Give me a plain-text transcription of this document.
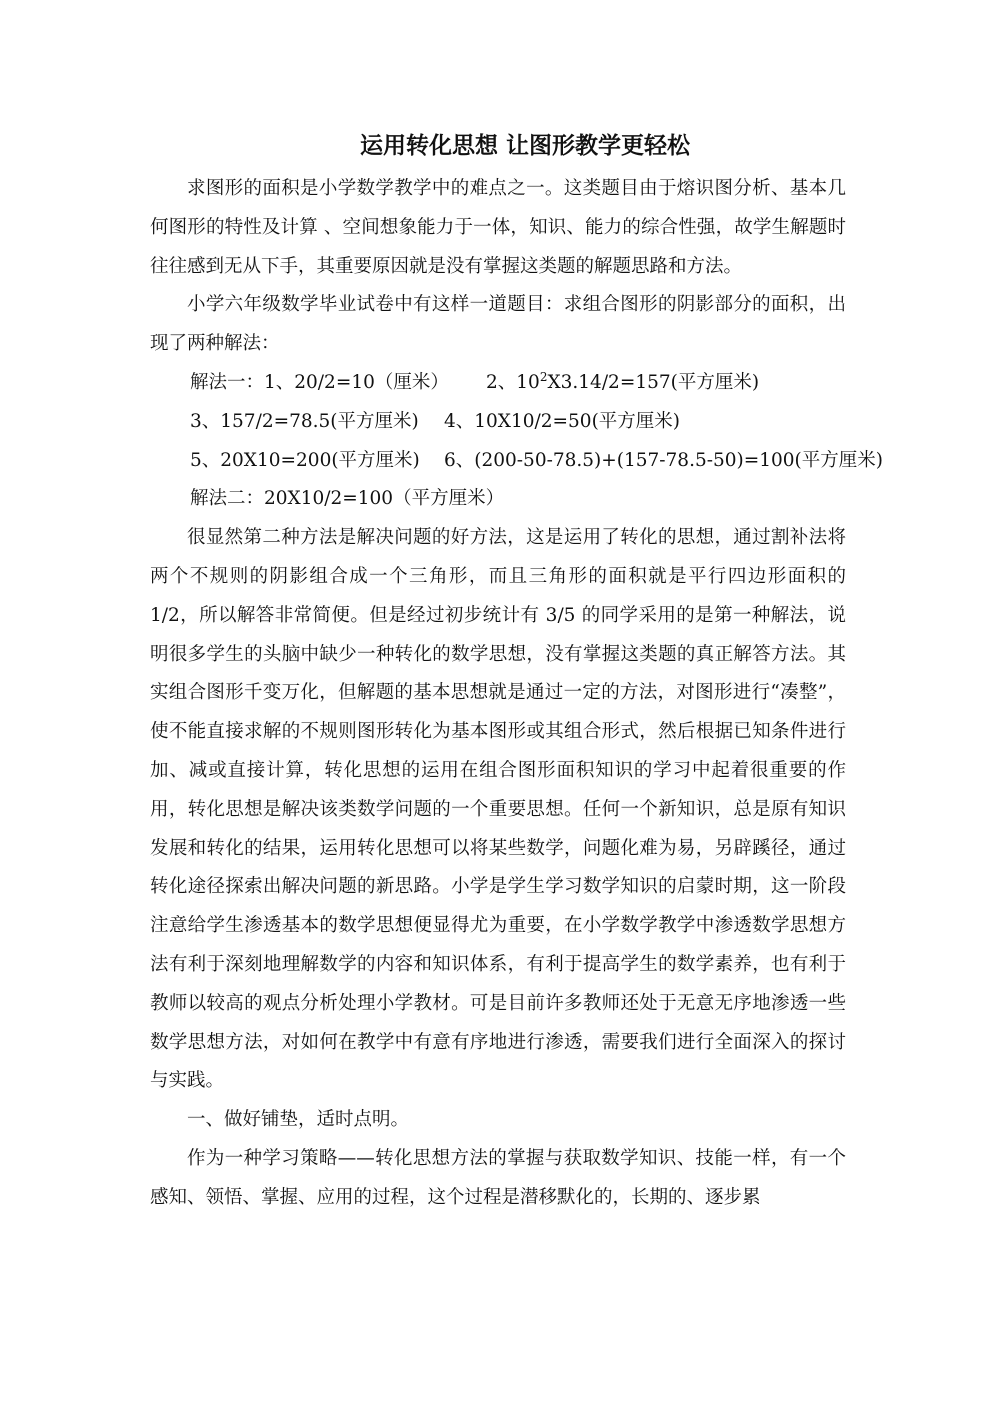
运用转化思想 让图形教学更轻松

求图形的面积是小学数学教学中的难点之一。这类题目由于熔识图分析、基本几何图形的特性及计算 、空间想象能力于一体，知识、能力的综合性强，故学生解题时往往感到无从下手，其重要原因就是没有掌握这类题的解题思路和方法。

小学六年级数学毕业试卷中有这样一道题目：求组合图形的阴影部分的面积，出现了两种解法：

解法一：1、20/2=10（厘米） 2、$10^2X3.14/2=157$(平方厘米)
3、157/2=78.5(平方厘米) 4、10X10/2=50(平方厘米)
5、20X10=200(平方厘米) 6、(200-50-78.5)+(157-78.5-50)=100(平方厘米)
解法二：20X10/2=100（平方厘米）

很显然第二种方法是解决问题的好方法，这是运用了转化的思想，通过割补法将两个不规则的阴影组合成一个三角形，而且三角形的面积就是平行四边形面积的 1/2，所以解答非常简便。但是经过初步统计有 3/5 的同学采用的是第一种解法，说明很多学生的头脑中缺少一种转化的数学思想，没有掌握这类题的真正解答方法。其实组合图形千变万化，但解题的基本思想就是通过一定的方法，对图形进行“凑整”，使不能直接求解的不规则图形转化为基本图形或其组合形式，然后根据已知条件进行加、减或直接计算，转化思想的运用在组合图形面积知识的学习中起着很重要的作用，转化思想是解决该类数学问题的一个重要思想。任何一个新知识，总是原有知识发展和转化的结果，运用转化思想可以将某些数学，问题化难为易，另辟蹊径，通过转化途径探索出解决问题的新思路。小学是学生学习数学知识的启蒙时期，这一阶段注意给学生渗透基本的数学思想便显得尤为重要，在小学数学教学中渗透数学思想方法有利于深刻地理解数学的内容和知识体系，有利于提高学生的数学素养，也有利于教师以较高的观点分析处理小学教材。可是目前许多教师还处于无意无序地渗透一些数学思想方法，对如何在教学中有意有序地进行渗透，需要我们进行全面深入的探讨与实践。

一、做好铺垫，适时点明。

作为一种学习策略——转化思想方法的掌握与获取数学知识、技能一样，有一个感知、领悟、掌握、应用的过程，这个过程是潜移默化的，长期的、逐步累
